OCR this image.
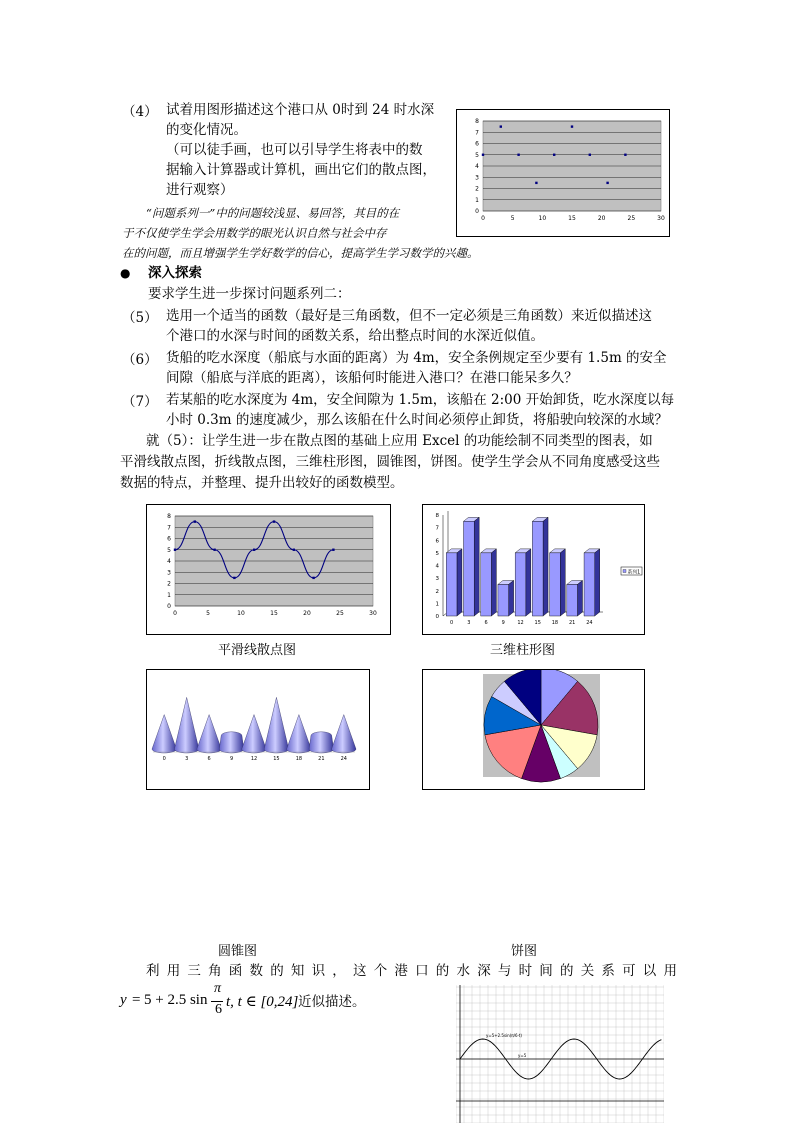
（4） 试着用图形描述这个港口从 0时到 24 时水深
的变化情况。
（可以徒手画，也可以引导学生将表中的数
据输入计算器或计算机，画出它们的散点图，
进行观察）
“问题系列一”中的问题较浅显、易回答，其目的在
于不仅使学生学会用数学的眼光认识自然与社会中存
在的问题，而且增强学生学好数学的信心，提高学生学习数学的兴趣。
0
1
2
3
4
5
6
7
8
0	5	10	15	20	25	30
● 深入探索
要求学生进一步探讨问题系列二：
（5） 选用一个适当的函数（最好是三角函数，但不一定必须是三角函数）来近似描述这
个港口的水深与时间的函数关系，给出整点时间的水深近似值。
（6） 货船的吃水深度（船底与水面的距离）为 4m，安全条例规定至少要有 1.5m 的安全
间隙（船底与洋底的距离），该船何时能进入港口？在港口能呆多久？
（7） 若某船的吃水深度为 4m，安全间隙为 1.5m，该船在 2:00 开始卸货，吃水深度以每
小时 0.3m 的速度减少，那么该船在什么时间必须停止卸货，将船驶向较深的水域？
就（5）：让学生进一步在散点图的基础上应用 Excel 的功能绘制不同类型的图表，如
平滑线散点图，折线散点图，三维柱形图，圆锥图，饼图。使学生学会从不同角度感受这些
数据的特点，并整理、提升出较好的函数模型。
0
1
2
3
4
5
6
7
8
0	5	10	15	20	25	30	0
1
2
3
4
5
6
7
8
0	3	6	9 12 15 18 21 24
系列1
平滑线散点图	三维柱形图
0	3	6	9	12	15	18	21	24
圆锥图	饼图
利用三角函数的知识，这个港口的水深与时间的关系可以用
y = 5 + 2.5 sin
π
6 t, t ∈ [0,24] 近似描述。
y=5+2.5sin(π/6·t)
y=5
